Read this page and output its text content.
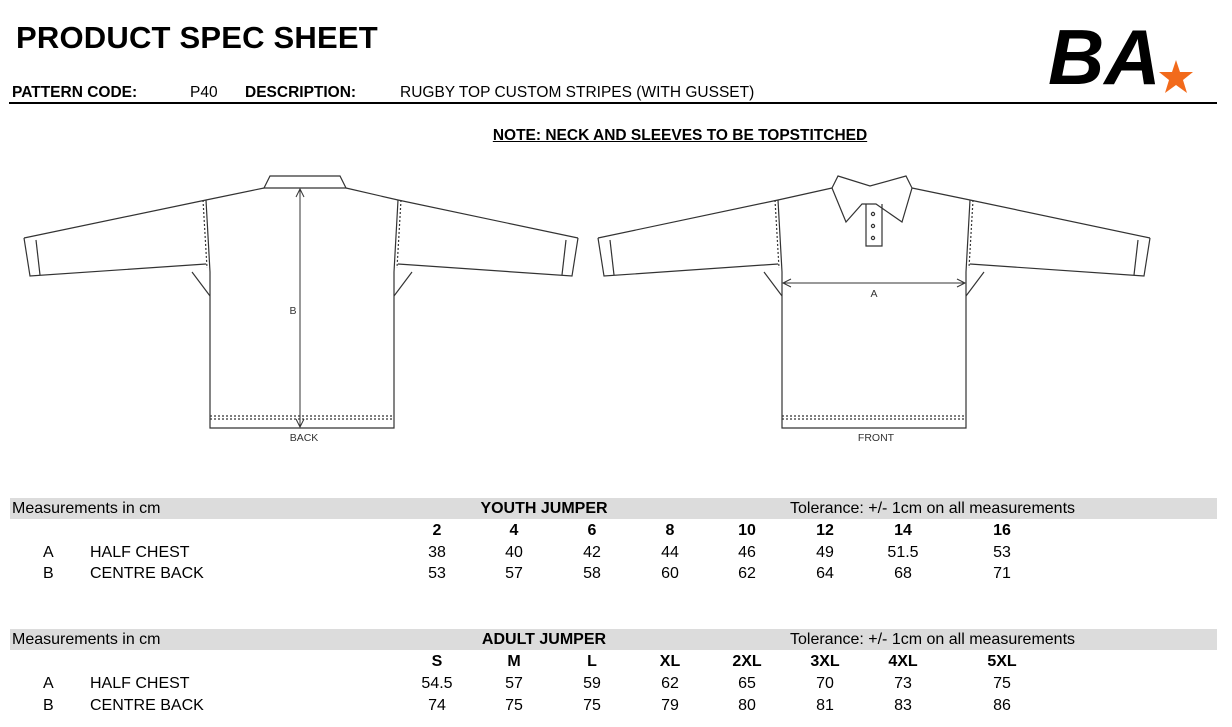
PRODUCT SPEC SHEET
PATTERN CODE:	P40 DESCRIPTION:	RUGBY TOP CUSTOM STRIPES (WITH GUSSET)	BA
NOTE: NECK AND SLEEVES TO BE TOPSTITCHED
BACK	FRONT
B
A
Measurements in cm	YOUTH JUMPER	Tolerance: +/- 1cm on all measurements
2	4	6	8	10	12	14	16
A HALF CHEST	38	40	42	44	46	49	51.5	53
B CENTRE BACK	53	57	58	60	62	64	68	71
Measurements in cm	ADULT JUMPER	Tolerance: +/- 1cm on all measurements
S	M	L	XL	2XL	3XL	4XL	5XL
A HALF CHEST	54.5	57	59	62	65	70	73	75
B CENTRE BACK	74	75	75	79	80	81	83	86
